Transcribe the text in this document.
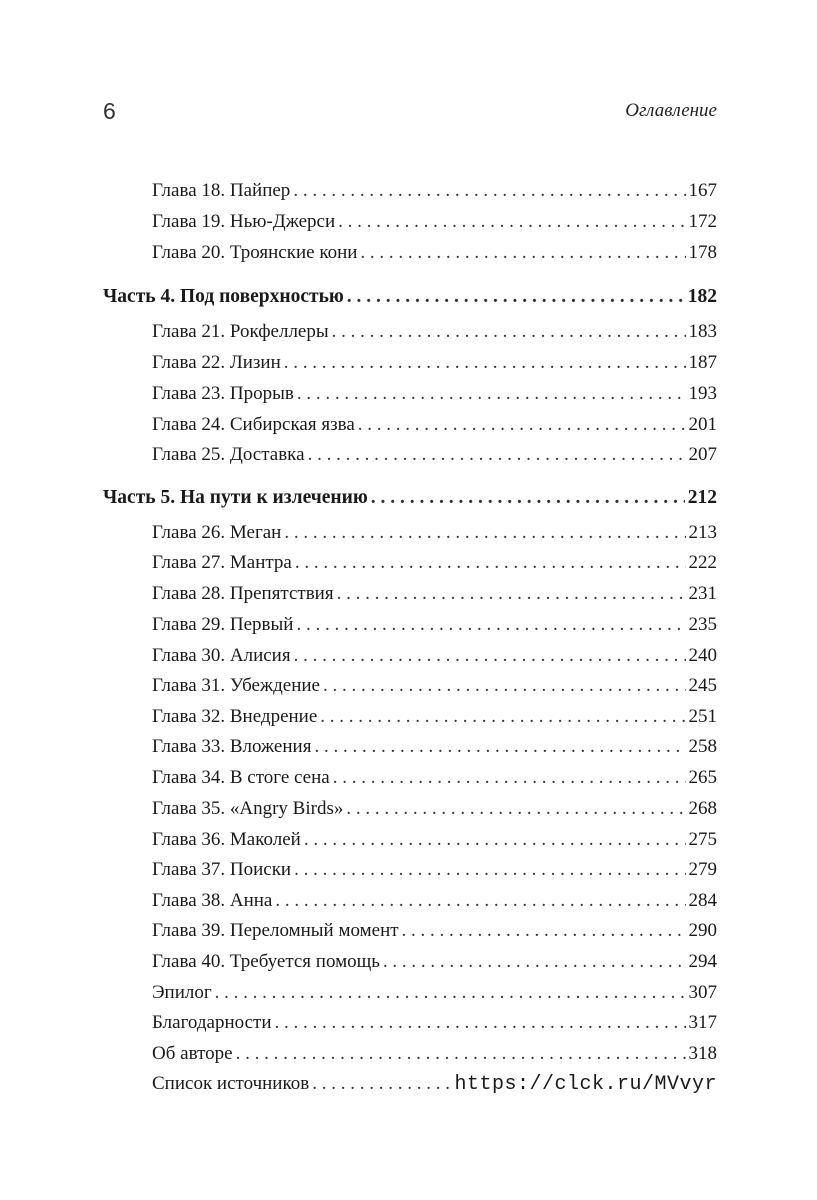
6	Оглавление
Глава 18. Пайпер . . .	167
Глава 19. Нью-Джерси . . .	172
Глава 20. Троянские кони . . .	178
Часть 4. Под поверхностью . . .	182
Глава 21. Рокфеллеры . . .	183
Глава 22. Лизин . . .	187
Глава 23. Прорыв . . .	193
Глава 24. Сибирская язва . . .	201
Глава 25. Доставка . . .	207
Часть 5. На пути к излечению . . .	212
Глава 26. Меган . . .	213
Глава 27. Мантра . . .	222
Глава 28. Препятствия . . .	231
Глава 29. Первый . . .	235
Глава 30. Алисия . . .	240
Глава 31. Убеждение . . .	245
Глава 32. Внедрение . . .	251
Глава 33. Вложения . . .	258
Глава 34. В стоге сена . . .	265
Глава 35. «Angry Birds» . . .	268
Глава 36. Маколей . . .	275
Глава 37. Поиски . . .	279
Глава 38. Анна . . .	284
Глава 39. Переломный момент . . .	290
Глава 40. Требуется помощь . . .	294
Эпилог . . .	307
Благодарности . . .	317
Об авторе . . .	318
Список источников . . .	https://clck.ru/MVvyr
